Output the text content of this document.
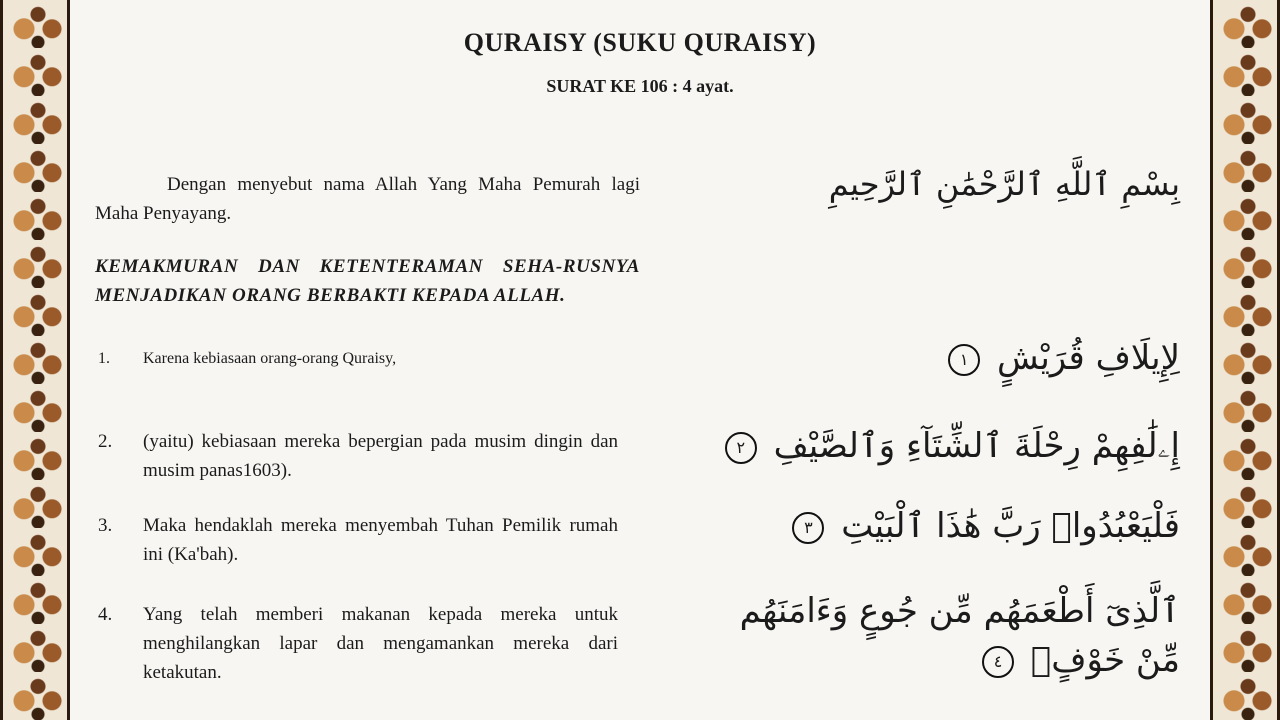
QURAISY (SUKU QURAISY)
SURAT KE 106 : 4 ayat.
Dengan menyebut nama Allah Yang Maha Pemurah lagi Maha Penyayang.
KEMAKMURAN DAN KETENTERAMAN SEHA-RUSNYA MENJADIKAN ORANG BERBAKTI KEPADA ALLAH.
1.	Karena kebiasaan orang-orang Quraisy,
2.	(yaitu) kebiasaan mereka bepergian pada musim dingin dan musim panas1603).
3.	Maka hendaklah mereka menyembah Tuhan Pemilik rumah ini (Ka'bah).
4.	Yang telah memberi makanan kepada mereka untuk menghilangkan lapar dan mengamankan mereka dari ketakutan.
بِسْمِ ٱللَّهِ ٱلرَّحْمَٰنِ ٱلرَّحِيمِ
لِإِيلَافِ قُرَيْشٍ ١
إِۦلَٰفِهِمْ رِحْلَةَ ٱلشِّتَآءِ وَٱلصَّيْفِ ٢
فَلْيَعْبُدُوا۟ رَبَّ هَٰذَا ٱلْبَيْتِ ٣
ٱلَّذِىٓ أَطْعَمَهُم مِّن جُوعٍ وَءَامَنَهُم
مِّنْ خَوْفٍۭ ٤
